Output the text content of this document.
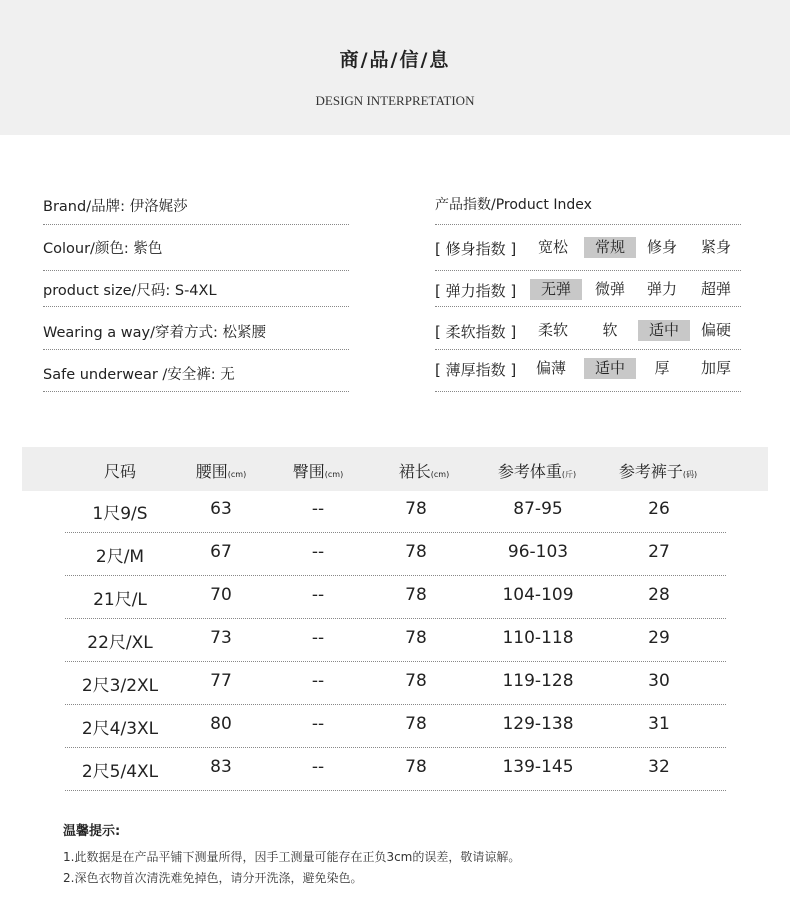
商/品/信/息
DESIGN INTERPRETATION
Brand/品牌: 伊洛娓莎
Colour/颜色: 紫色
product size/尺码: S-4XL
Wearing a way/穿着方式: 松紧腰
Safe underwear /安全裤: 无
产品指数/Product Index
[ 修身指数 ]	宽松	常规	修身	紧身
[ 弹力指数 ]	无弹	微弹	弹力	超弹
[ 柔软指数 ]	柔软	软	适中	偏硬
[ 薄厚指数 ]	偏薄	适中	厚	加厚
尺码	腰围(cm)	臀围(cm)	裙长(cm)	参考体重(斤)	参考裤子(码)
1尺9/S	63	--	78	87-95	26
2尺/M	67	--	78	96-103	27
21尺/L	70	--	78	104-109	28
22尺/XL	73	--	78	110-118	29
2尺3/2XL	77	--	78	119-128	30
2尺4/3XL	80	--	78	129-138	31
2尺5/4XL	83	--	78	139-145	32
温馨提示:
1.此数据是在产品平铺下测量所得，因手工测量可能存在正负3cm的误差，敬请谅解。
2.深色衣物首次清洗难免掉色，请分开洗涤，避免染色。
